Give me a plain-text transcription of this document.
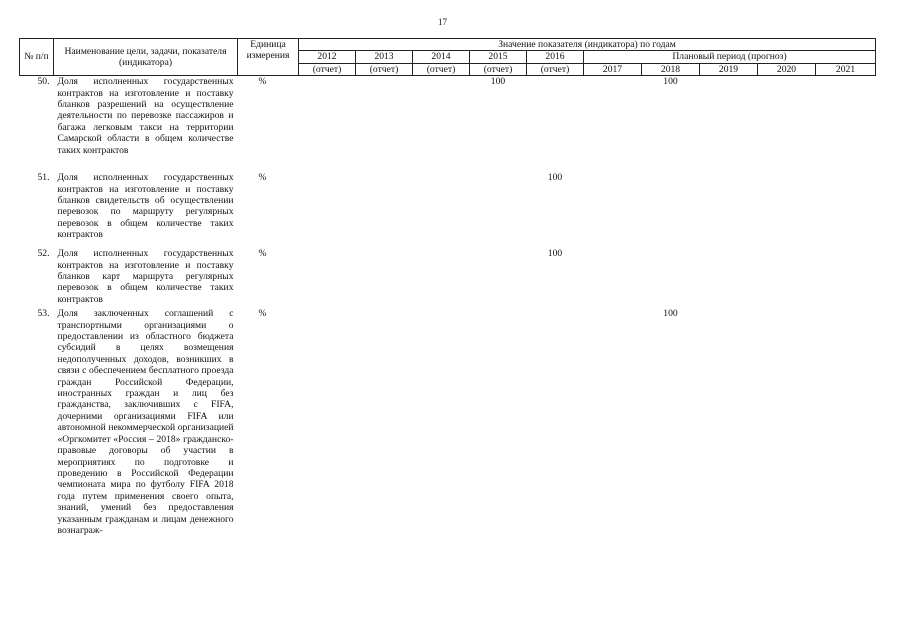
17
№ п/п	Наименование цели, задачи, показателя (индикатора)	Единица измерения	Значение показателя (индикатора) по годам									
			2012	2013	2014	2015	2016	Плановый период (прогноз)				
			(отчет)	(отчет)	(отчет)	(отчет)	(отчет)	2017	2018	2019	2020	2021
50.	Доля исполненных государственных контрактов на изготовление и поставку бланков разрешений на осуществление деятельности по перевозке пассажиров и багажа легковым такси на территории Самарской области в общем количестве таких контрактов	%				100			100			
51.	Доля исполненных государственных контрактов на изготовление и поставку бланков свидетельств об осуществлении перевозок по маршруту регулярных перевозок в общем количестве таких контрактов	%					100					
52.	Доля исполненных государственных контрактов на изготовление и поставку бланков карт маршрута регулярных перевозок в общем количестве таких контрактов	%					100					
53.	Доля заключенных соглашений с транспортными организациями о предоставлении из областного бюджета субсидий в целях возмещения недополученных доходов, возникших в связи с обеспечением бесплатного проезда граждан Российской Федерации, иностранных граждан и лиц без гражданства, заключивших с FIFA, дочерними организациями FIFA или автономной некоммерческой организацией «Оргкомитет «Россия – 2018» гражданско-правовые договоры об участии в мероприятиях по подготовке и проведению в Российской Федерации чемпионата мира по футболу FIFA 2018 года путем применения своего опыта, знаний, умений без предоставления указанным гражданам и лицам денежного вознаграж-	%							100			
